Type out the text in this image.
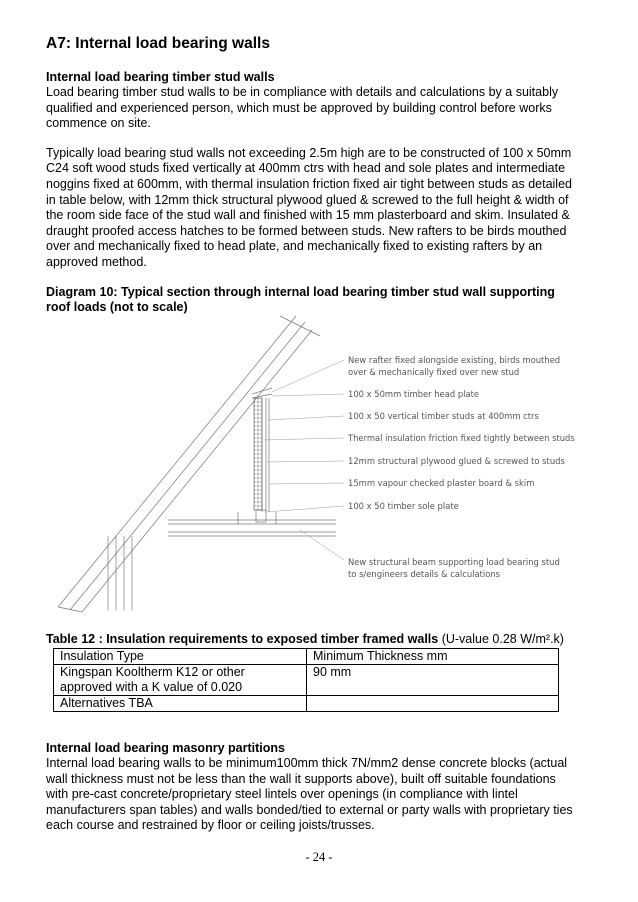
A7: Internal load bearing walls
Internal load bearing timber stud walls

Load bearing timber stud walls to be in compliance with details and calculations by a suitably

qualified and experienced person, which must be approved by building control before works

commence on site.

Typically load bearing stud walls not exceeding 2.5m high are to be constructed of 100 x 50mm

C24 soft wood studs fixed vertically at 400mm ctrs with head and sole plates and intermediate

noggins fixed at 600mm, with thermal insulation friction fixed air tight between studs as detailed

in table below, with 12mm thick structural plywood glued & screwed to the full height & width of

the room side face of the stud wall and finished with 15 mm plasterboard and skim. Insulated &

draught proofed access hatches to be formed between studs. New rafters to be birds mouthed

over and mechanically fixed to head plate, and mechanically fixed to existing rafters by an

approved method.

Diagram 10: Typical section through internal load bearing timber stud wall supporting
roof loads (not to scale)
New rafter fixed alongside existing, birds mouthed
over & mechanically fixed over new stud
100 x 50mm timber head plate
100 x 50 vertical timber studs at 400mm ctrs
Thermal insulation friction fixed tightly between studs
12mm structural plywood glued & screwed to studs
15mm vapour checked plaster board & skim
100 x 50 timber sole plate
New structural beam supporting load bearing stud
to s/engineers details & calculations
Table 12 : Insulation requirements to exposed timber framed walls (U-value 0.28 W/m².k)
Insulation Type	Minimum Thickness mm

Kingspan Kooltherm K12 or other
approved with a K value of 0.020	90 mm
Alternatives TBA	
Internal load bearing masonry partitions

Internal load bearing walls to be minimum100mm thick 7N/mm2 dense concrete blocks (actual

wall thickness must not be less than the wall it supports above), built off suitable foundations

with pre-cast concrete/proprietary steel lintels over openings (in compliance with lintel

manufacturers span tables) and walls bonded/tied to external or party walls with proprietary ties

each course and restrained by floor or ceiling joists/trusses.

- 24 -
